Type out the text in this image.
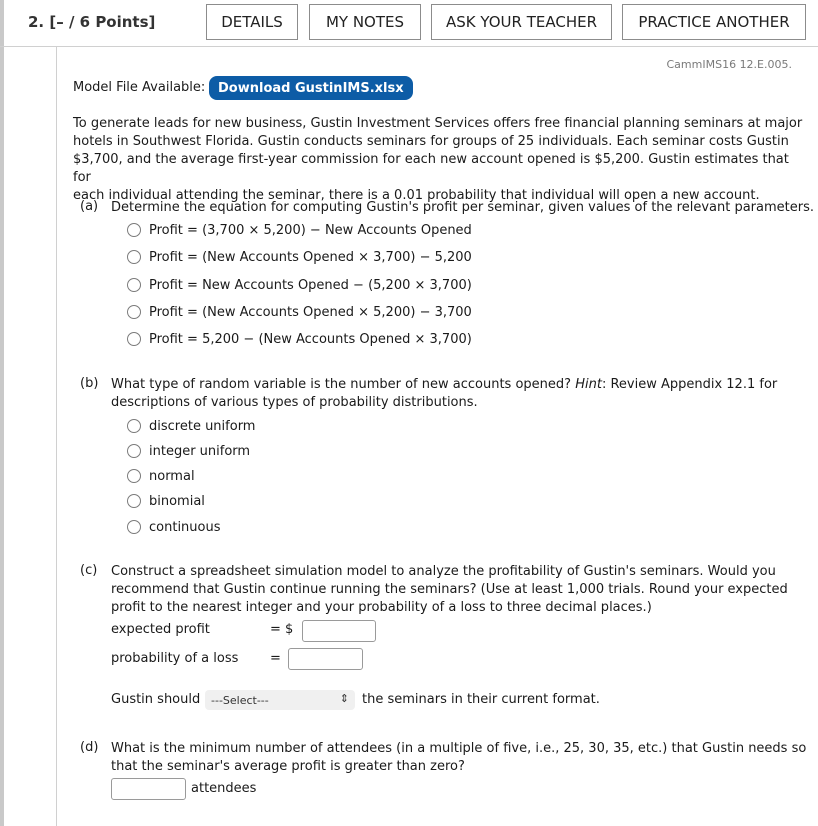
2. [– / 6 Points]	DETAILS	MY NOTES	ASK YOUR TEACHER	PRACTICE ANOTHER
CammIMS16 12.E.005.
Model File Available: Download GustinIMS.xlsx

To generate leads for new business, Gustin Investment Services offers free financial planning seminars at major
hotels in Southwest Florida. Gustin conducts seminars for groups of 25 individuals. Each seminar costs Gustin
$3,700, and the average first-year commission for each new account opened is $5,200. Gustin estimates that for
each individual attending the seminar, there is a 0.01 probability that individual will open a new account.

(a) Determine the equation for computing Gustin's profit per seminar, given values of the relevant parameters.

Profit = (3,700 × 5,200) − New Accounts Opened
Profit = (New Accounts Opened × 3,700) − 5,200
Profit = New Accounts Opened − (5,200 × 3,700)
Profit = (New Accounts Opened × 5,200) − 3,700
Profit = 5,200 − (New Accounts Opened × 3,700)
(b) What type of random variable is the number of new accounts opened? Hint: Review Appendix 12.1 for
descriptions of various types of probability distributions.

discrete uniform
integer uniform
normal
binomial
continuous
(c) Construct a spreadsheet simulation model to analyze the profitability of Gustin's seminars. Would you
recommend that Gustin continue running the seminars? (Use at least 1,000 trials. Round your expected
profit to the nearest integer and your probability of a loss to three decimal places.)

expected profit	= $
probability of a loss =
Gustin should ---Select---	⇕ the seminars in their current format.
(d) What is the minimum number of attendees (in a multiple of five, i.e., 25, 30, 35, etc.) that Gustin needs so
that the seminar's average profit is greater than zero?

attendees
